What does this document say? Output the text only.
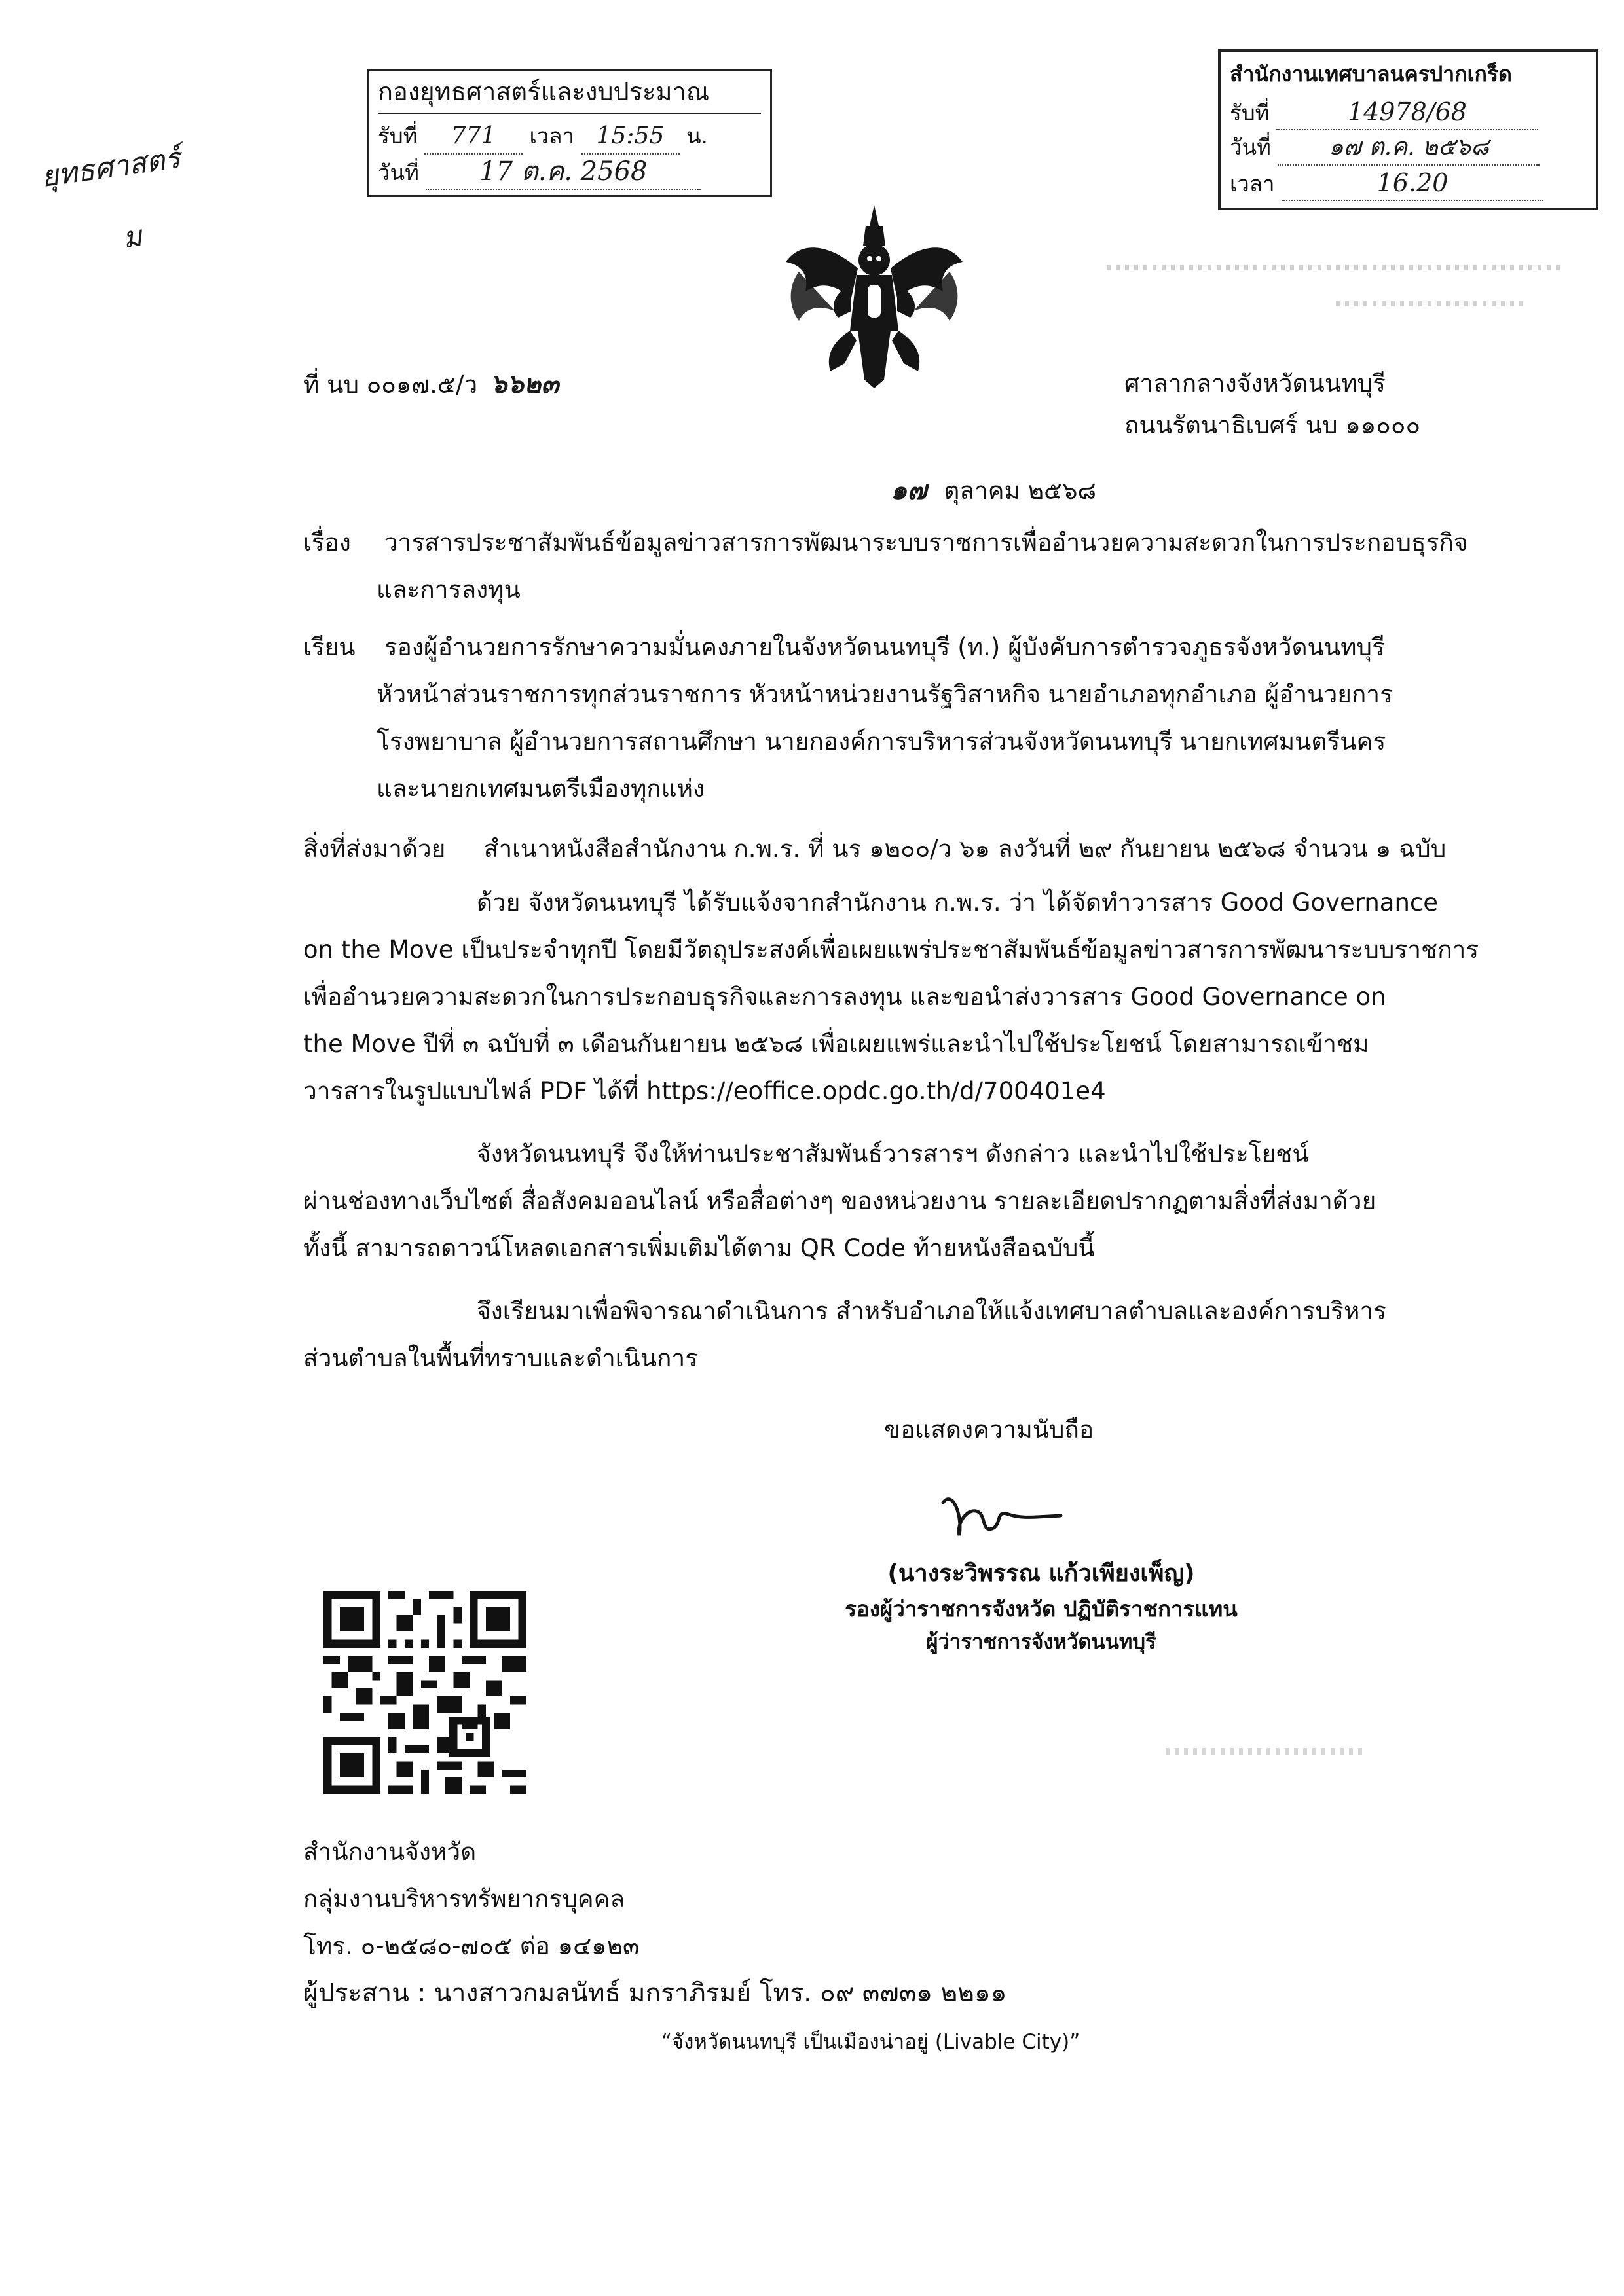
ยุทธศาสตร์
ม
กองยุทธศาสตร์และงบประมาณ
รับที่ 771 เวลา 15:55 น.
วันที่ 17 ต.ค. 2568
สำนักงานเทศบาลนครปากเกร็ด
รับที่	14978/68
วันที่ ๑๗ ต.ค. ๒๕๖๘
เวลา	16.20
ที่ นบ ๐๐๑๗.๕/ว ๖๖๒๓	ศาลากลางจังหวัดนนทบุรี
ถนนรัตนาธิเบศร์ นบ ๑๑๐๐๐
๑๗ ตุลาคม ๒๕๖๘
เรื่อง วารสารประชาสัมพันธ์ข้อมูลข่าวสารการพัฒนาระบบราชการเพื่ออำนวยความสะดวกในการประกอบธุรกิจ
และการลงทุน
เรียน รองผู้อำนวยการรักษาความมั่นคงภายในจังหวัดนนทบุรี (ท.) ผู้บังคับการตำรวจภูธรจังหวัดนนทบุรี
หัวหน้าส่วนราชการทุกส่วนราชการ หัวหน้าหน่วยงานรัฐวิสาหกิจ นายอำเภอทุกอำเภอ ผู้อำนวยการ
โรงพยาบาล ผู้อำนวยการสถานศึกษา นายกองค์การบริหารส่วนจังหวัดนนทบุรี นายกเทศมนตรีนคร
และนายกเทศมนตรีเมืองทุกแห่ง
สิ่งที่ส่งมาด้วย สำเนาหนังสือสำนักงาน ก.พ.ร. ที่ นร ๑๒๐๐/ว ๖๑ ลงวันที่ ๒๙ กันยายน ๒๕๖๘ จำนวน ๑ ฉบับ
ด้วย จังหวัดนนทบุรี ได้รับแจ้งจากสำนักงาน ก.พ.ร. ว่า ได้จัดทำวารสาร Good Governance
on the Move เป็นประจำทุกปี โดยมีวัตถุประสงค์เพื่อเผยแพร่ประชาสัมพันธ์ข้อมูลข่าวสารการพัฒนาระบบราชการ
เพื่ออำนวยความสะดวกในการประกอบธุรกิจและการลงทุน และขอนำส่งวารสาร Good Governance on
the Move ปีที่ ๓ ฉบับที่ ๓ เดือนกันยายน ๒๕๖๘ เพื่อเผยแพร่และนำไปใช้ประโยชน์ โดยสามารถเข้าชม
วารสารในรูปแบบไฟล์ PDF ได้ที่ https://eoffice.opdc.go.th/d/700401e4
จังหวัดนนทบุรี จึงให้ท่านประชาสัมพันธ์วารสารฯ ดังกล่าว และนำไปใช้ประโยชน์
ผ่านช่องทางเว็บไซต์ สื่อสังคมออนไลน์ หรือสื่อต่างๆ ของหน่วยงาน รายละเอียดปรากฏตามสิ่งที่ส่งมาด้วย
ทั้งนี้ สามารถดาวน์โหลดเอกสารเพิ่มเติมได้ตาม QR Code ท้ายหนังสือฉบับนี้
จึงเรียนมาเพื่อพิจารณาดำเนินการ สำหรับอำเภอให้แจ้งเทศบาลตำบลและองค์การบริหาร
ส่วนตำบลในพื้นที่ทราบและดำเนินการ
ขอแสดงความนับถือ
(นางระวิพรรณ แก้วเพียงเพ็ญ)
รองผู้ว่าราชการจังหวัด ปฏิบัติราชการแทน
ผู้ว่าราชการจังหวัดนนทบุรี
สำนักงานจังหวัด
กลุ่มงานบริหารทรัพยากรบุคคล
โทร. ๐-๒๕๘๐-๗๐๕ ต่อ ๑๔๑๒๓
ผู้ประสาน : นางสาวกมลนัทธ์ มกราภิรมย์ โทร. ๐๙ ๓๗๓๑ ๒๒๑๑
“จังหวัดนนทบุรี เป็นเมืองน่าอยู่ (Livable City)”
